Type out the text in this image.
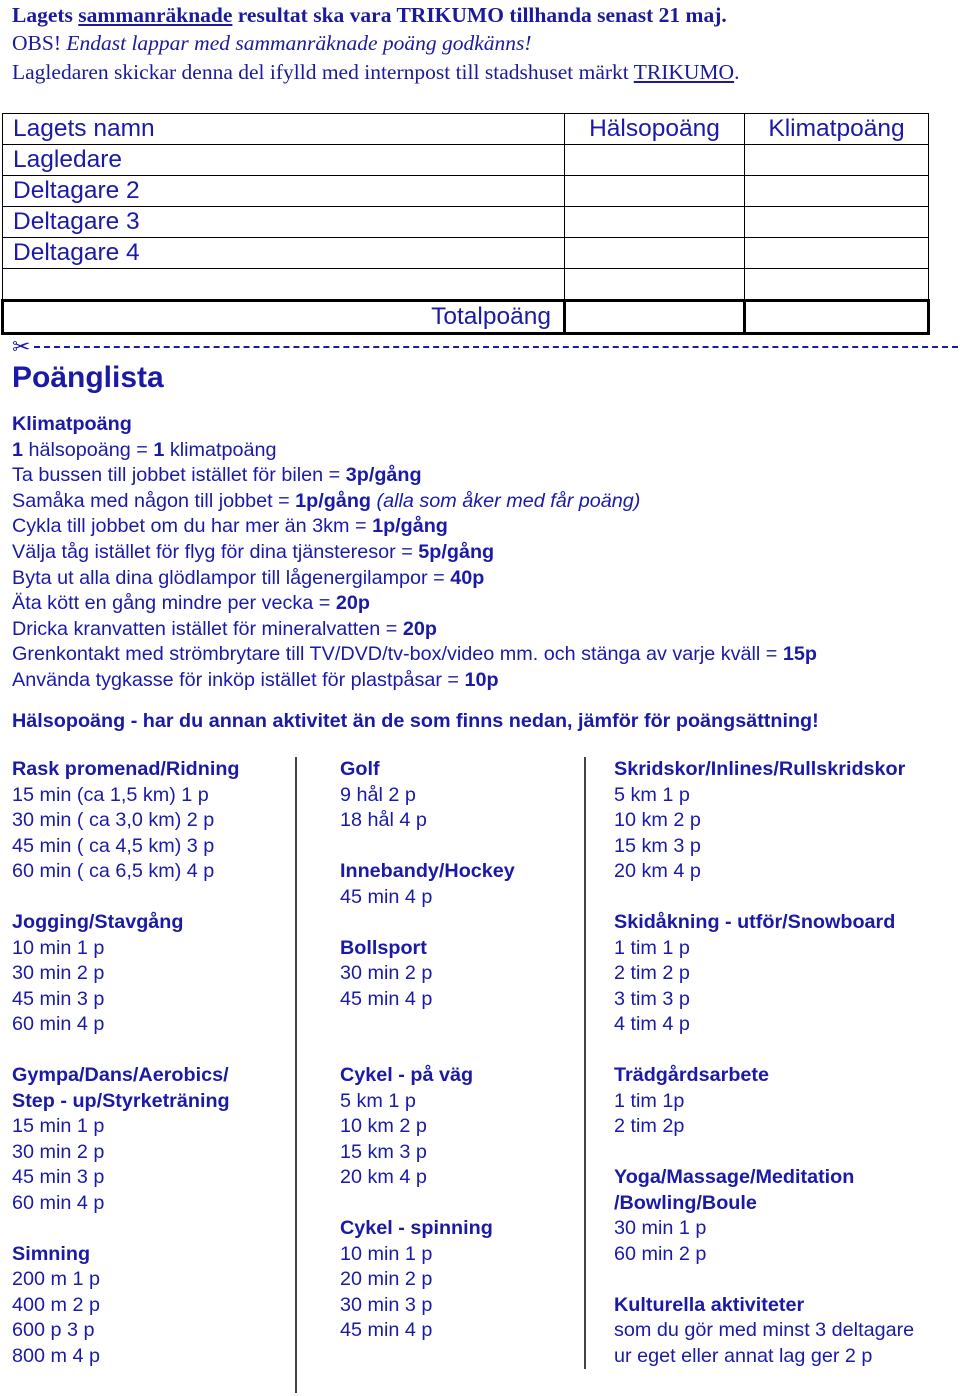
Lagets sammanräknade resultat ska vara TRIKUMO tillhanda senast 21 maj.
OBS! Endast lappar med sammanräknade poäng godkänns!
Lagledaren skickar denna del ifylld med internpost till stadshuset märkt TRIKUMO.
Lagets namn	Hälsopoäng	Klimatpoäng
Lagledare		
Deltagare 2		
Deltagare 3		
Deltagare 4		

Totalpoäng		
✂
Poänglista
Klimatpoäng
1 hälsopoäng = 1 klimatpoäng
Ta bussen till jobbet istället för bilen = 3p/gång
Samåka med någon till jobbet = 1p/gång (alla som åker med får poäng)
Cykla till jobbet om du har mer än 3km = 1p/gång
Välja tåg istället för flyg för dina tjänsteresor = 5p/gång
Byta ut alla dina glödlampor till lågenergilampor = 40p
Äta kött en gång mindre per vecka = 20p
Dricka kranvatten istället för mineralvatten = 20p
Grenkontakt med strömbrytare till TV/DVD/tv-box/video mm. och stänga av varje kväll = 15p
Använda tygkasse för inköp istället för plastpåsar = 10p
Hälsopoäng - har du annan aktivitet än de som finns nedan, jämför för poängsättning!
Rask promenad/Ridning
15 min (ca 1,5 km) 1 p
30 min ( ca 3,0 km) 2 p
45 min ( ca 4,5 km) 3 p
60 min ( ca 6,5 km) 4 p
Jogging/Stavgång
10 min 1 p
30 min 2 p
45 min 3 p
60 min 4 p
Gympa/Dans/Aerobics/
Step - up/Styrketräning
15 min 1 p
30 min 2 p
45 min 3 p
60 min 4 p
Simning
200 m 1 p
400 m 2 p
600 p 3 p
800 m 4 p
Golf
9 hål 2 p
18 hål 4 p
Innebandy/Hockey
45 min 4 p
Bollsport
30 min 2 p
45 min 4 p
Cykel - på väg
5 km 1 p
10 km 2 p
15 km 3 p
20 km 4 p
Cykel - spinning
10 min 1 p
20 min 2 p
30 min 3 p
45 min 4 p
Skridskor/Inlines/Rullskridskor
5 km 1 p
10 km 2 p
15 km 3 p
20 km 4 p
Skidåkning - utför/Snowboard
1 tim 1 p
2 tim 2 p
3 tim 3 p
4 tim 4 p
Trädgårdsarbete
1 tim 1p
2 tim 2p
Yoga/Massage/Meditation
/Bowling/Boule
30 min 1 p
60 min 2 p
Kulturella aktiviteter
som du gör med minst 3 deltagare
ur eget eller annat lag ger 2 p
